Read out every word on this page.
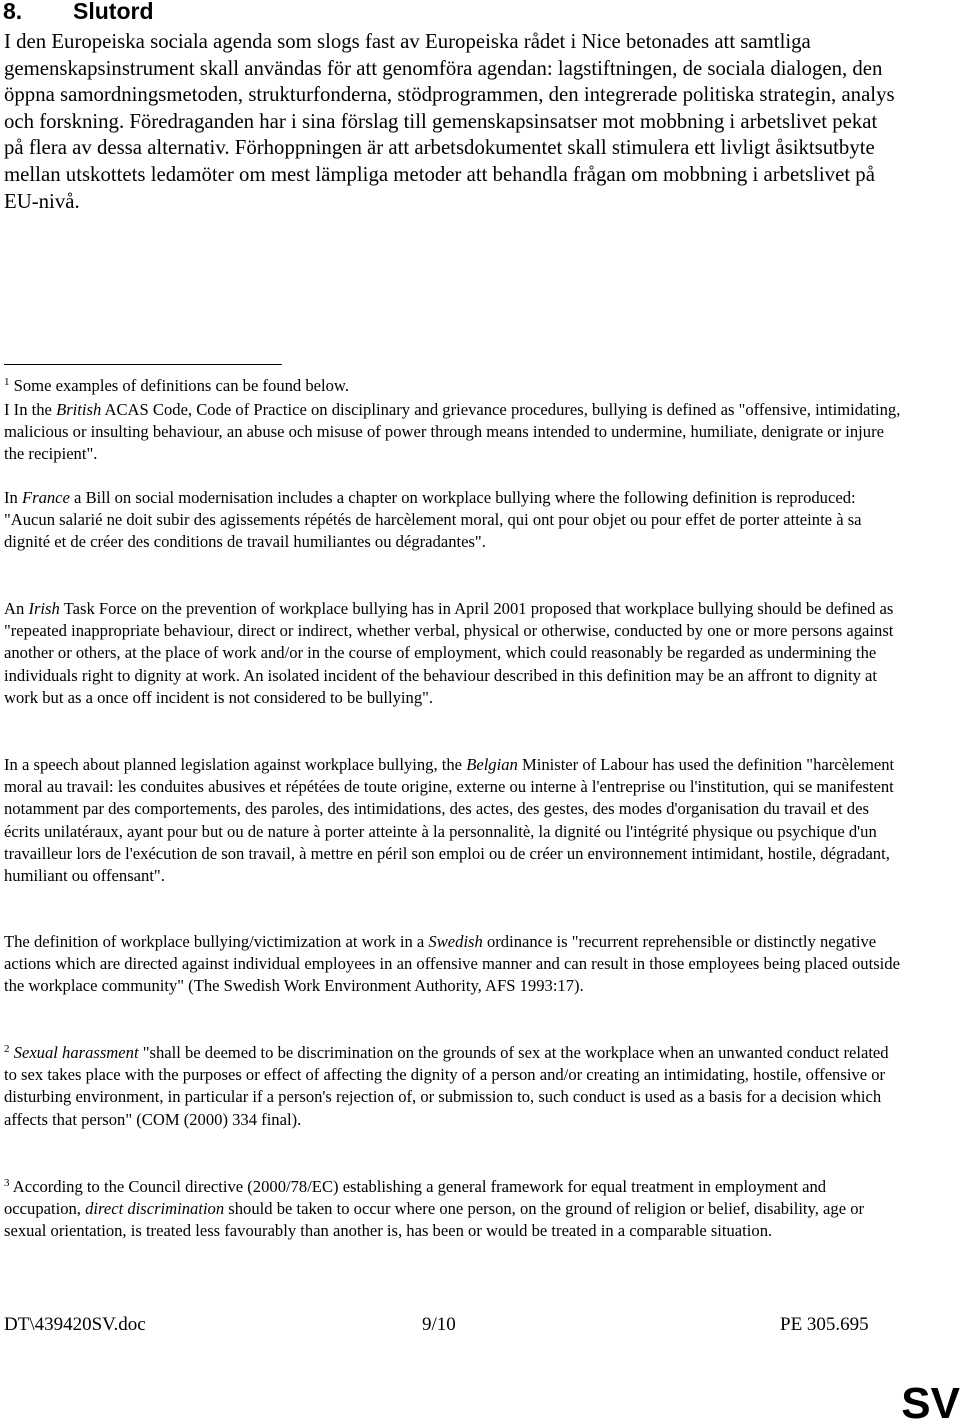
8. Slutord

I den Europeiska sociala agenda som slogs fast av Europeiska rådet i Nice betonades att samtliga gemenskapsinstrument skall användas för att genomföra agendan: lagstiftningen, de sociala dialogen, den öppna samordningsmetoden, strukturfonderna, stödprogrammen, den integrerade politiska strategin, analys och forskning. Föredraganden har i sina förslag till gemenskapsinsatser mot mobbning i arbetslivet pekat på flera av dessa alternativ. Förhoppningen är att arbetsdokumentet skall stimulera ett livligt åsiktsutbyte mellan utskottets ledamöter om mest lämpliga metoder att behandla frågan om mobbning i arbetslivet på EU-nivå.

$^1$ Some examples of definitions can be found below.

I In the British ACAS Code, Code of Practice on disciplinary and grievance procedures, bullying is defined as "offensive, intimidating, malicious or insulting behaviour, an abuse och misuse of power through means intended to undermine, humiliate, denigrate or injure the recipient".

In France a Bill on social modernisation includes a chapter on workplace bullying where the following definition is reproduced: "Aucun salarié ne doit subir des agissements répétés de harcèlement moral, qui ont pour objet ou pour effet de porter atteinte à sa dignité et de créer des conditions de travail humiliantes ou dégradantes".

An Irish Task Force on the prevention of workplace bullying has in April 2001 proposed that workplace bullying should be defined as "repeated inappropriate behaviour, direct or indirect, whether verbal, physical or otherwise, conducted by one or more persons against another or others, at the place of work and/or in the course of employment, which could reasonably be regarded as undermining the individuals right to dignity at work. An isolated incident of the behaviour described in this definition may be an affront to dignity at work but as a once off incident is not considered to be bullying".

In a speech about planned legislation against workplace bullying, the Belgian Minister of Labour has used the definition "harcèlement moral au travail: les conduites abusives et répétées de toute origine, externe ou interne à l'entreprise ou l'institution, qui se manifestent notamment par des comportements, des paroles, des intimidations, des actes, des gestes, des modes d'organisation du travail et des écrits unilatéraux, ayant pour but ou de nature à porter atteinte à la personnalitè, la dignité ou l'intégrité physique ou psychique d'un travailleur lors de l'exécution de son travail, à mettre en péril son emploi ou de créer un environnement intimidant, hostile, dégradant, humiliant ou offensant".

The definition of workplace bullying/victimization at work in a Swedish ordinance is "recurrent reprehensible or distinctly negative actions which are directed against individual employees in an offensive manner and can result in those employees being placed outside the workplace community" (The Swedish Work Environment Authority, AFS 1993:17).

$^2$ Sexual harassment "shall be deemed to be discrimination on the grounds of sex at the workplace when an unwanted conduct related to sex takes place with the purposes or effect of affecting the dignity of a person and/or creating an intimidating, hostile, offensive or disturbing environment, in particular if a person's rejection of, or submission to, such conduct is used as a basis for a decision which affects that person" (COM (2000) 334 final).

$^3$ According to the Council directive (2000/78/EC) establishing a general framework for equal treatment in employment and occupation, direct discrimination should be taken to occur where one person, on the ground of religion or belief, disability, age or sexual orientation, is treated less favourably than another is, has been or would be treated in a comparable situation.

DT\439420SV.doc	9/10	PE 305.695
SV
